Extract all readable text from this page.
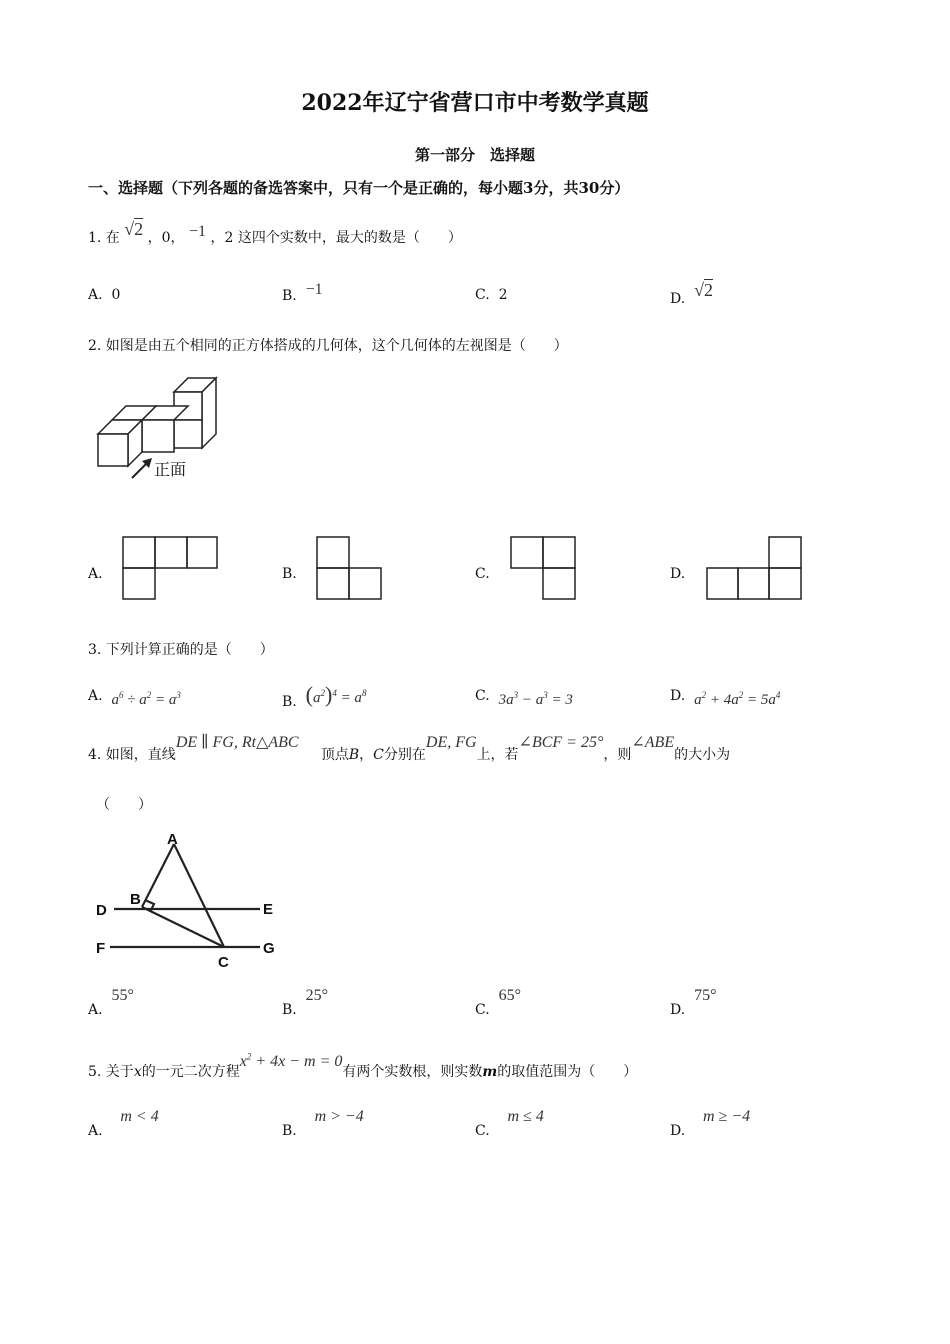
2022年辽宁省营口市中考数学真题
第一部分　选择题
一、选择题（下列各题的备选答案中，只有一个是正确的，每小题3分，共30分）
1. 在 √2 ，0， −1 ，2 这四个实数中，最大的数是（　　）
A. 0	B. −1	C. 2	D. √2
2. 如图是由五个相同的正方体搭成的几何体，这个几何体的左视图是（　　）
正面
A.	B.	C.	D.
3. 下列计算正确的是（　　）
A. $a^6 \div a^2 = a^3$	B. $(a^2)^4 = a^8$	C. $3a^3 - a^3 = 3$	D. $a^2 + 4a^2 = 5a^4$
4. 如图，直线DE ∥ FG, Rt△ABC     顶点B，C分别在DE, FG上，若∠BCF = 25°，则∠ABE的大小为
（　　）
A
B
D	E
F	G
C
A.  55°
B.  25°
C.  65°
D.  75°
5. 关于x的一元二次方程$x^2 + 4x - m = 0$有两个实数根，则实数m的取值范围为（　　）
A.    m < 4
B.    m > −4
C.    m ≤ 4
D.    m ≥ −4
